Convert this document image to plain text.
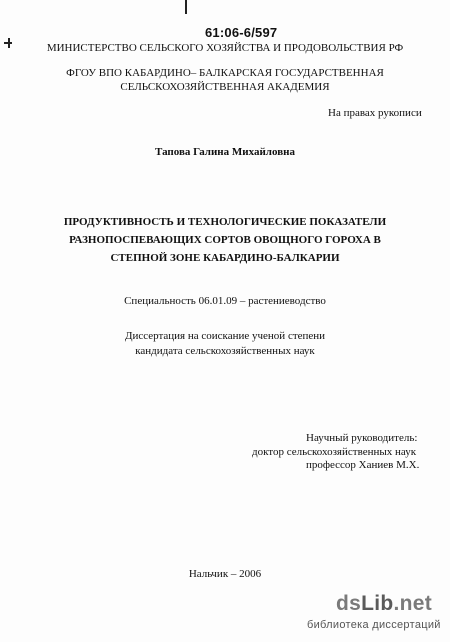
61:06-6/597
МИНИСТЕРСТВО СЕЛЬСКОГО ХОЗЯЙСТВА И ПРОДОВОЛЬСТВИЯ РФ
ФГОУ ВПО КАБАРДИНО– БАЛКАРСКАЯ ГОСУДАРСТВЕННАЯ
СЕЛЬСКОХОЗЯЙСТВЕННАЯ АКАДЕМИЯ
На правах рукописи
Тапова Галина Михайловна
ПРОДУКТИВНОСТЬ И ТЕХНОЛОГИЧЕСКИЕ ПОКАЗАТЕЛИ
РАЗНОПОСПЕВАЮЩИХ СОРТОВ ОВОЩНОГО ГОРОХА В
СТЕПНОЙ ЗОНЕ КАБАРДИНО-БАЛКАРИИ
Специальность 06.01.09 – растениеводство
Диссертация на соискание ученой степени
кандидата сельскохозяйственных наук
Научный руководитель:
доктор сельскохозяйственных наук
профессор Ханиев М.Х.
Нальчик – 2006
dsLib.net
библиотека диссертаций
